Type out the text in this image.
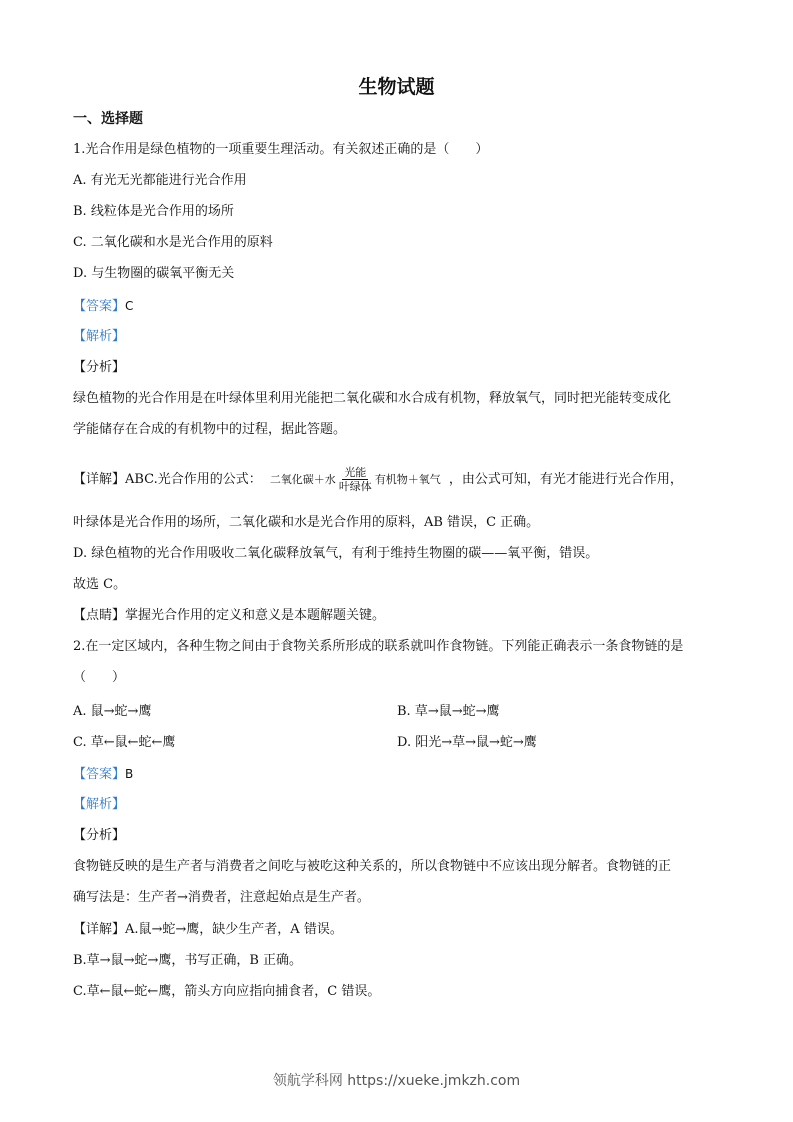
生物试题
一、选择题
1.光合作用是绿色植物的一项重要生理活动。有关叙述正确的是（　　）
A. 有光无光都能进行光合作用
B. 线粒体是光合作用的场所
C. 二氧化碳和水是光合作用的原料
D. 与生物圈的碳氧平衡无关
【答案】C
【解析】
【分析】
绿色植物的光合作用是在叶绿体里利用光能把二氧化碳和水合成有机物，释放氧气，同时把光能转变成化
学能储存在合成的有机物中的过程，据此答题。
【详解】ABC.光合作用的公式： 二氧化碳＋水 $\frac{\text{光能}}{\text{叶绿体}}$ 有机物＋氧气 ，由公式可知，有光才能进行光合作用，
叶绿体是光合作用的场所，二氧化碳和水是光合作用的原料，AB 错误，C 正确。
D. 绿色植物的光合作用吸收二氧化碳释放氧气，有利于维持生物圈的碳——氧平衡，错误。
故选 C。
【点睛】掌握光合作用的定义和意义是本题解题关键。
2.在一定区域内，各种生物之间由于食物关系所形成的联系就叫作食物链。下列能正确表示一条食物链的是
（　　）
A. 鼠→蛇→鹰	B. 草→鼠→蛇→鹰
C. 草←鼠←蛇←鹰	D. 阳光→草→鼠→蛇→鹰
【答案】B
【解析】
【分析】
食物链反映的是生产者与消费者之间吃与被吃这种关系的，所以食物链中不应该出现分解者。食物链的正
确写法是：生产者→消费者，注意起始点是生产者。
【详解】A.鼠→蛇→鹰，缺少生产者，A 错误。
B.草→鼠→蛇→鹰，书写正确，B 正确。
C.草←鼠←蛇←鹰，箭头方向应指向捕食者，C 错误。
领航学科网 https://xueke.jmkzh.com
